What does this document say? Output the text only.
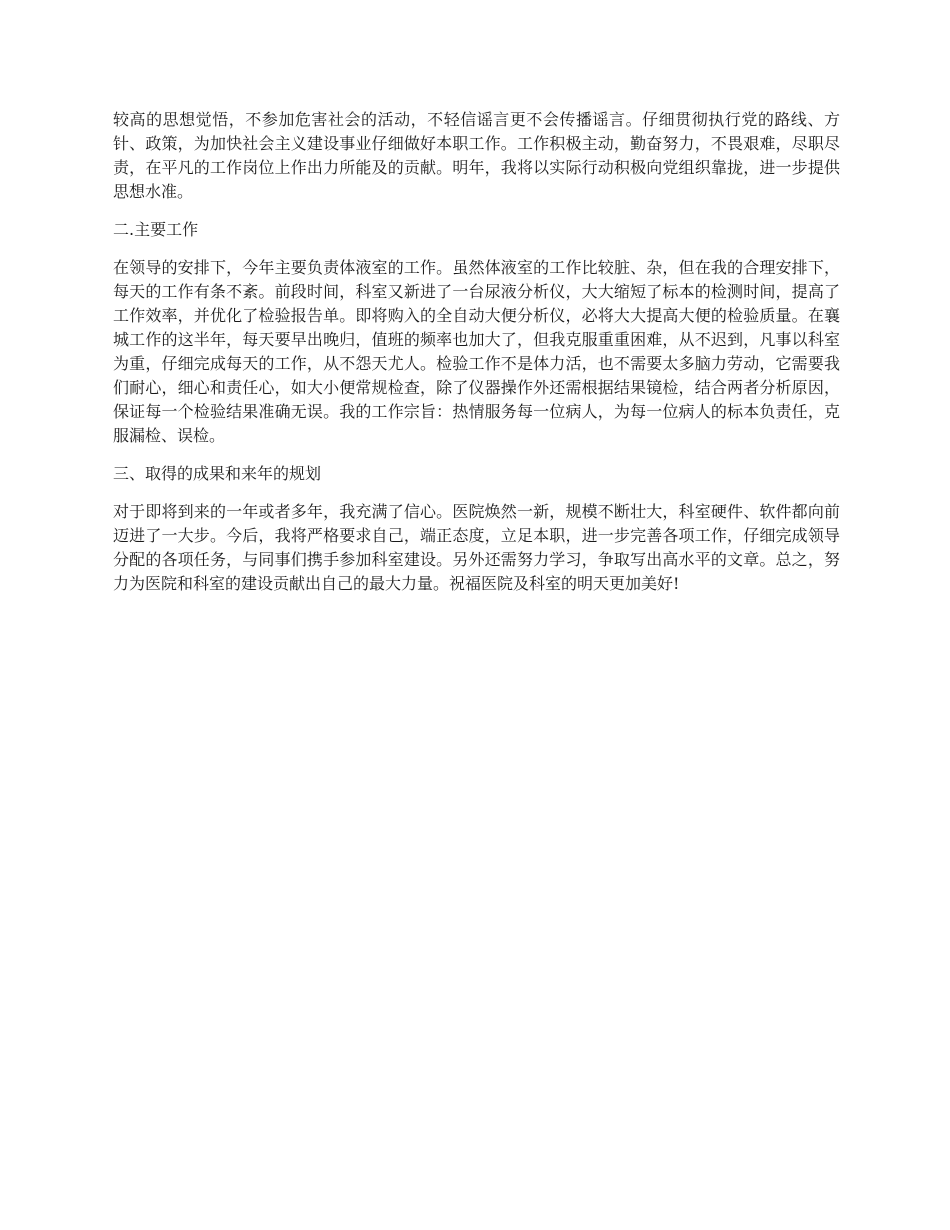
较高的思想觉悟，不参加危害社会的活动，不轻信谣言更不会传播谣言。仔细贯彻执行党的路线、方针、政策，为加快社会主义建设事业仔细做好本职工作。工作积极主动，勤奋努力，不畏艰难，尽职尽责，在平凡的工作岗位上作出力所能及的贡献。明年，我将以实际行动积极向党组织靠拢，进一步提供思想水准。

二.主要工作

在领导的安排下，今年主要负责体液室的工作。虽然体液室的工作比较脏、杂，但在我的合理安排下，每天的工作有条不紊。前段时间，科室又新进了一台尿液分析仪，大大缩短了标本的检测时间，提高了工作效率，并优化了检验报告单。即将购入的全自动大便分析仪，必将大大提高大便的检验质量。在襄城工作的这半年，每天要早出晚归，值班的频率也加大了，但我克服重重困难，从不迟到，凡事以科室为重，仔细完成每天的工作，从不怨天尤人。检验工作不是体力活，也不需要太多脑力劳动，它需要我们耐心，细心和责任心，如大小便常规检查，除了仪器操作外还需根据结果镜检，结合两者分析原因，保证每一个检验结果准确无误。我的工作宗旨：热情服务每一位病人，为每一位病人的标本负责任，克服漏检、误检。

三、取得的成果和来年的规划

对于即将到来的一年或者多年，我充满了信心。医院焕然一新，规模不断壮大，科室硬件、软件都向前迈进了一大步。今后，我将严格要求自己，端正态度，立足本职，进一步完善各项工作，仔细完成领导分配的各项任务，与同事们携手参加科室建设。另外还需努力学习，争取写出高水平的文章。总之，努力为医院和科室的建设贡献出自己的最大力量。祝福医院及科室的明天更加美好!
